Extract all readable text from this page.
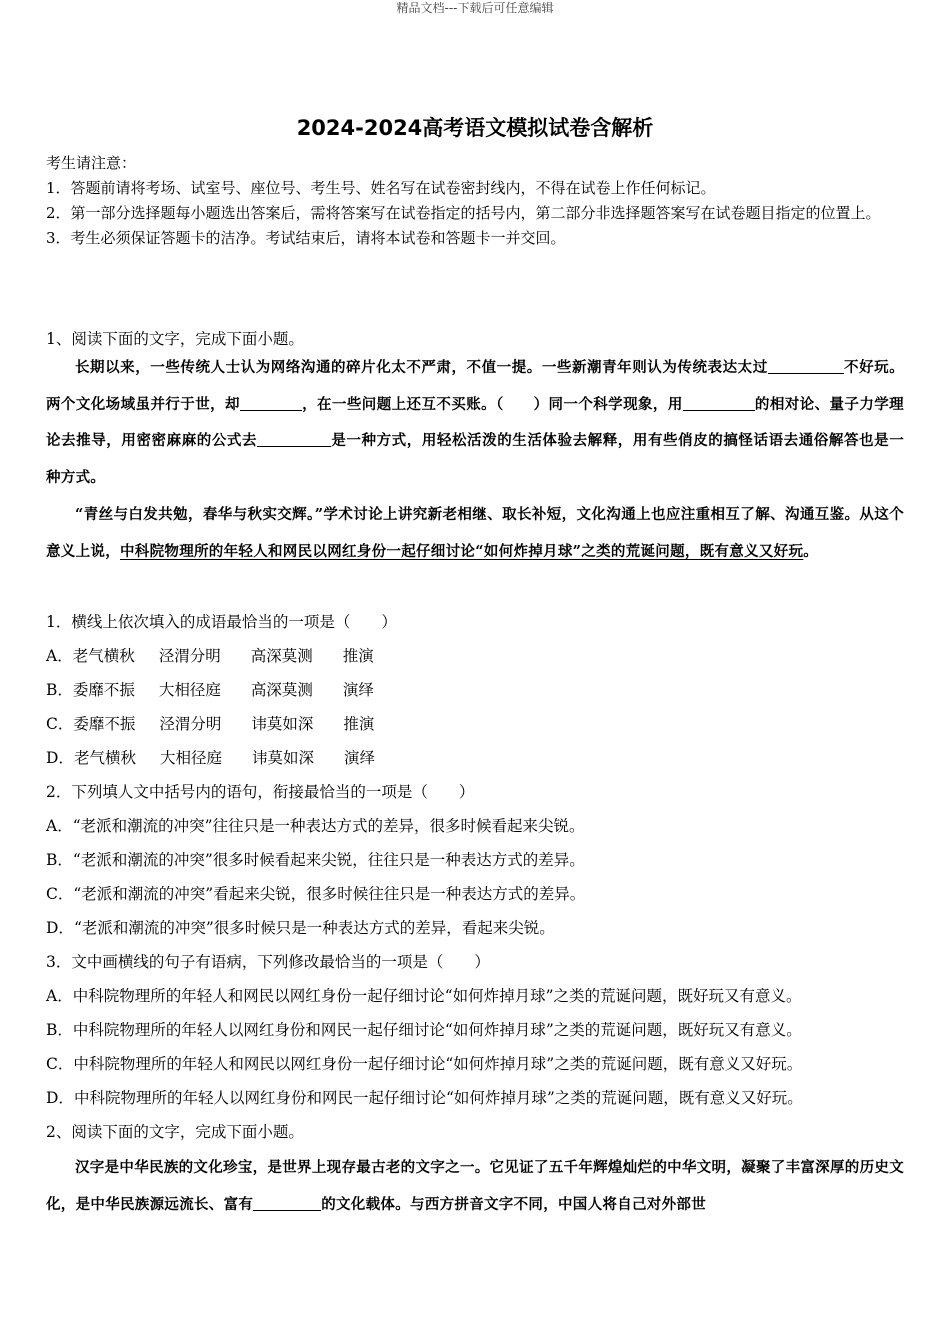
精品文档---下载后可任意编辑
2024-2024高考语文模拟试卷含解析
考生请注意：
1．答题前请将考场、试室号、座位号、考生号、姓名写在试卷密封线内，不得在试卷上作任何标记。
2．第一部分选择题每小题选出答案后，需将答案写在试卷指定的括号内，第二部分非选择题答案写在试卷题目指定的位置上。
3．考生必须保证答题卡的洁净。考试结束后，请将本试卷和答题卡一并交回。
1、阅读下面的文字，完成下面小题。
长期以来，一些传统人士认为网络沟通的碎片化太不严肃，不值一提。一些新潮青年则认为传统表达太过	不好玩。两个文化场域虽并行于世，却	，在一些问题上还互不买账。（　　）同一个科学现象，用	的相对论、量子力学理论去推导，用密密麻麻的公式去	是一种方式，用轻松活泼的生活体验去解释，用有些俏皮的搞怪话语去通俗解答也是一种方式。
“青丝与白发共勉，春华与秋实交辉。”学术讨论上讲究新老相继、取长补短，文化沟通上也应注重相互了解、沟通互鉴。从这个意义上说，中科院物理所的年轻人和网民以网红身份一起仔细讨论“如何炸掉月球”之类的荒诞问题，既有意义又好玩。
1．横线上依次填入的成语最恰当的一项是（　　）
A．老气横秋 泾渭分明 高深莫测 推演
B．委靡不振 大相径庭 高深莫测 演绎
C．委靡不振 泾渭分明 讳莫如深 推演
D．老气横秋 大相径庭 讳莫如深 演绎
2．下列填人文中括号内的语句，衔接最恰当的一项是（　　）
A．“老派和潮流的冲突”往往只是一种表达方式的差异，很多时候看起来尖锐。
B．“老派和潮流的冲突”很多时候看起来尖锐，往往只是一种表达方式的差异。
C．“老派和潮流的冲突”看起来尖锐，很多时候往往只是一种表达方式的差异。
D．“老派和潮流的冲突”很多时候只是一种表达方式的差异，看起来尖锐。
3．文中画横线的句子有语病，下列修改最恰当的一项是（　　）
A．中科院物理所的年轻人和网民以网红身份一起仔细讨论“如何炸掉月球”之类的荒诞问题，既好玩又有意义。
B．中科院物理所的年轻人以网红身份和网民一起仔细讨论“如何炸掉月球”之类的荒诞问题，既好玩又有意义。
C．中科院物理所的年轻人和网民以网红身份一起仔细讨论“如何炸掉月球”之类的荒诞问题，既有意义又好玩。
D．中科院物理所的年轻人以网红身份和网民一起仔细讨论“如何炸掉月球”之类的荒诞问题，既有意义又好玩。
2、阅读下面的文字，完成下面小题。
汉字是中华民族的文化珍宝，是世界上现存最古老的文字之一。它见证了五千年辉煌灿烂的中华文明，凝聚了丰富深厚的历史文化，是中华民族源远流长、富有	的文化载体。与西方拼音文字不同，中国人将自己对外部世
